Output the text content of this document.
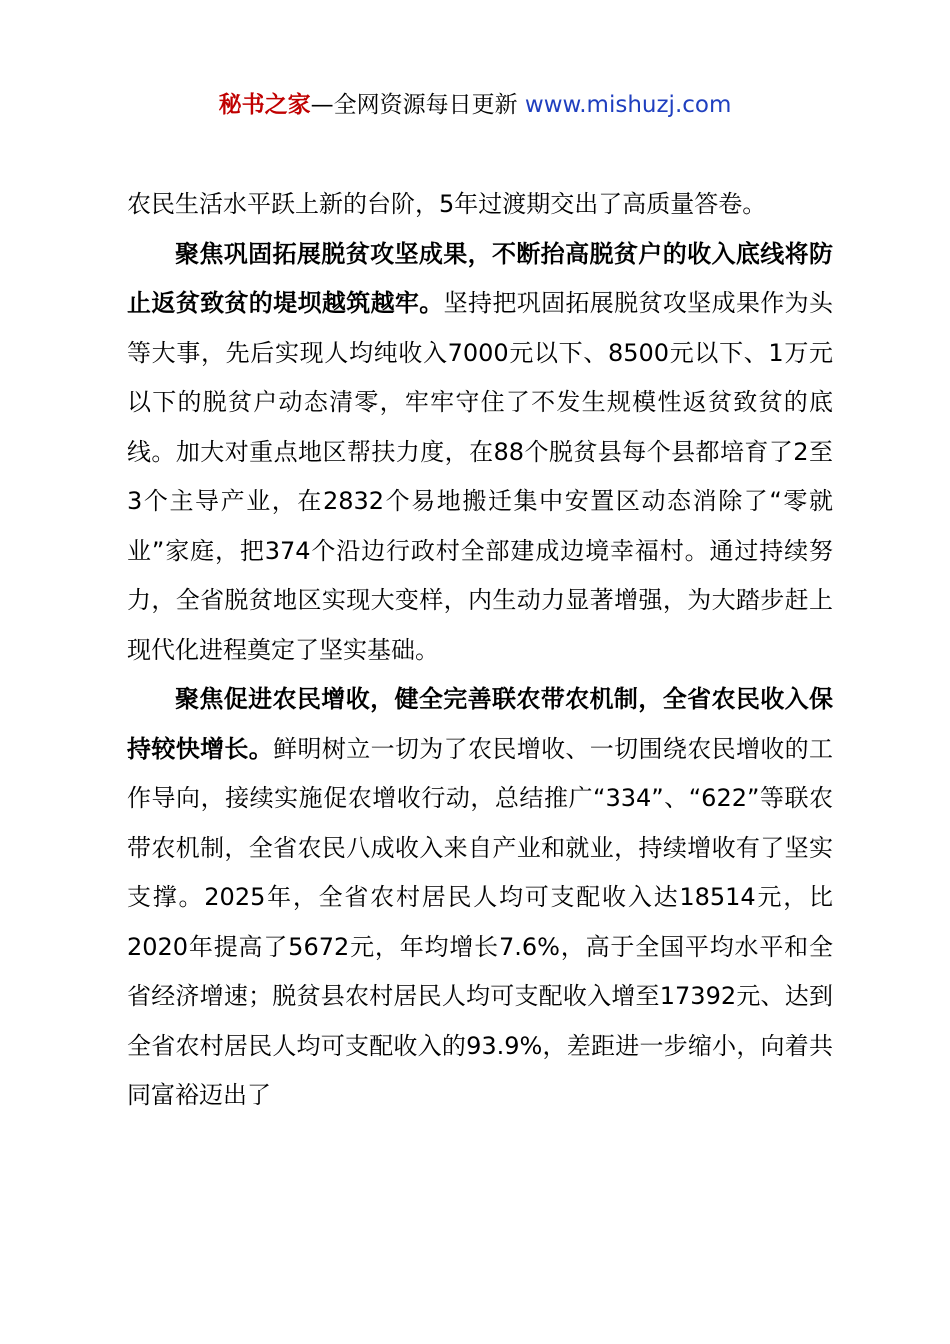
秘书之家—全网资源每日更新 www.mishuzj.com

农民生活水平跃上新的台阶，5年过渡期交出了高质量答卷。

聚焦巩固拓展脱贫攻坚成果，不断抬高脱贫户的收入底线将防止返贫致贫的堤坝越筑越牢。坚持把巩固拓展脱贫攻坚成果作为头等大事，先后实现人均纯收入7000元以下、8500元以下、1万元以下的脱贫户动态清零，牢牢守住了不发生规模性返贫致贫的底线。加大对重点地区帮扶力度，在88个脱贫县每个县都培育了2至3个主导产业，在2832个易地搬迁集中安置区动态消除了“零就业”家庭，把374个沿边行政村全部建成边境幸福村。通过持续努力，全省脱贫地区实现大变样，内生动力显著增强，为大踏步赶上现代化进程奠定了坚实基础。

聚焦促进农民增收，健全完善联农带农机制，全省农民收入保持较快增长。鲜明树立一切为了农民增收、一切围绕农民增收的工作导向，接续实施促农增收行动，总结推广“334”、“622”等联农带农机制，全省农民八成收入来自产业和就业，持续增收有了坚实支撑。2025年，全省农村居民人均可支配收入达18514元，比2020年提高了5672元，年均增长7.6%，高于全国平均水平和全省经济增速；脱贫县农村居民人均可支配收入增至17392元、达到全省农村居民人均可支配收入的93.9%，差距进一步缩小，向着共同富裕迈出了
